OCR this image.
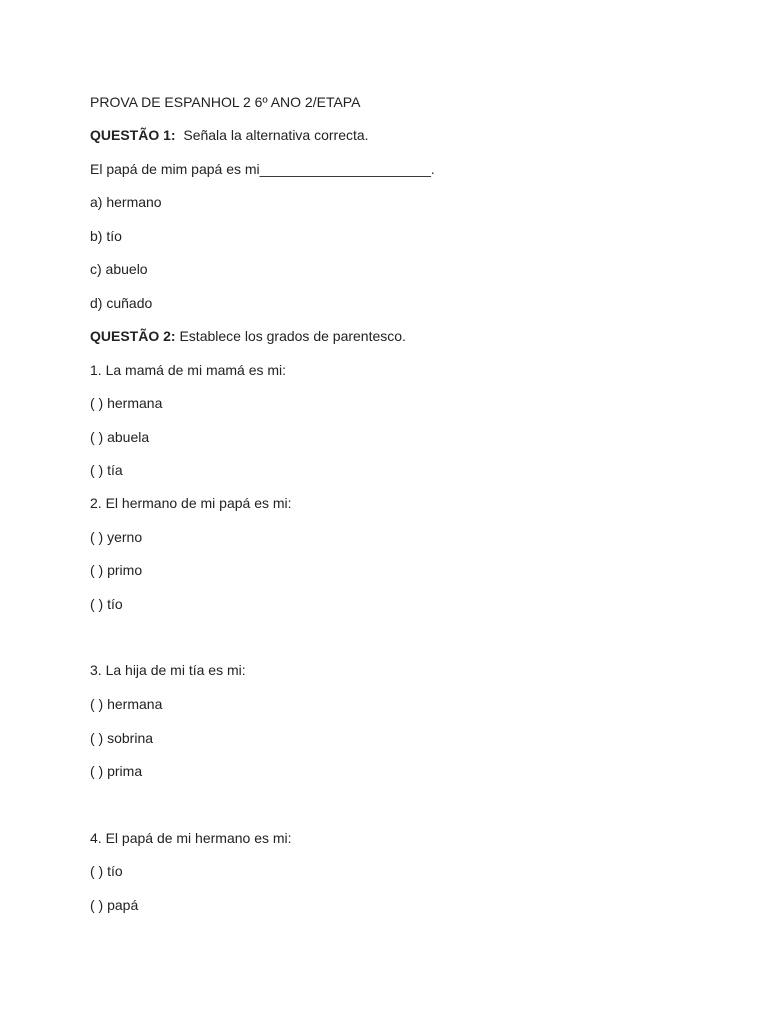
PROVA DE ESPANHOL 2 6º ANO 2/ETAPA
QUESTÃO 1:  Señala la alternativa correcta.
El papá de mim papá es mi______________________.
a) hermano
b) tío
c) abuelo
d) cuñado
QUESTÃO 2: Establece los grados de parentesco.
1. La mamá de mi mamá es mi:
( ) hermana
( ) abuela
( ) tía
2. El hermano de mi papá es mi:
( ) yerno
( ) primo
( ) tío
3. La hija de mi tía es mi:
( ) hermana
( ) sobrina
( ) prima
4. El papá de mi hermano es mi:
( ) tío
( ) papá
